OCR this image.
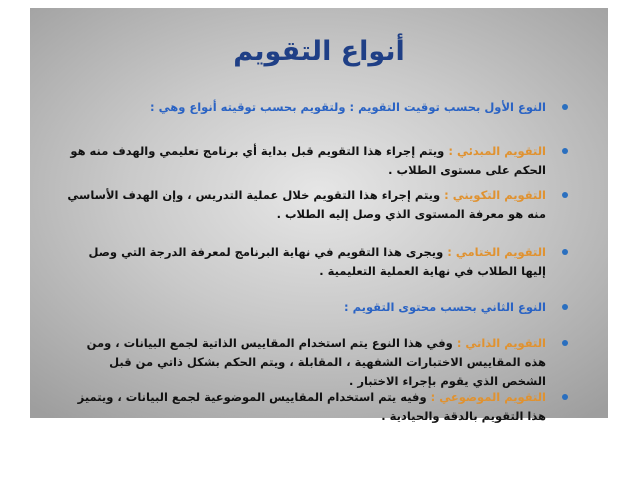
أنواع التقويم
النوع الأول بحسب توقيت التقويم : ولتقويم بحسب توقيته أنواع وهي :
التقويم المبدئي : ويتم إجراء هذا التقويم قبل بداية أي برنامج تعليمي والهدف منه هو الحكم على مستوى الطلاب .
التقويم التكويني : ويتم إجراء هذا التقويم خلال عملية التدريس ، وإن الهدف الأساسي منه هو معرفة المستوى الذي وصل إليه الطلاب .
التقويم الختامي : ويجرى هذا التقويم في نهاية البرنامج لمعرفة الدرجة التي وصل إليها الطلاب في نهاية العملية التعليمية .
النوع الثاني بحسب محتوى التقويم :
التقويم الذاتي : وفي هذا النوع يتم استخدام المقاييس الذاتية لجمع البيانات ، ومن هذه المقاييس الاختبارات الشفهية ، المقابلة ، ويتم الحكم بشكل ذاتي من قبل الشخص الذي يقوم بإجراء الاختبار .
التقويم الموضوعي : وفيه يتم استخدام المقاييس الموضوعية لجمع البيانات ، ويتميز هذا التقويم بالدقة والحيادية .
